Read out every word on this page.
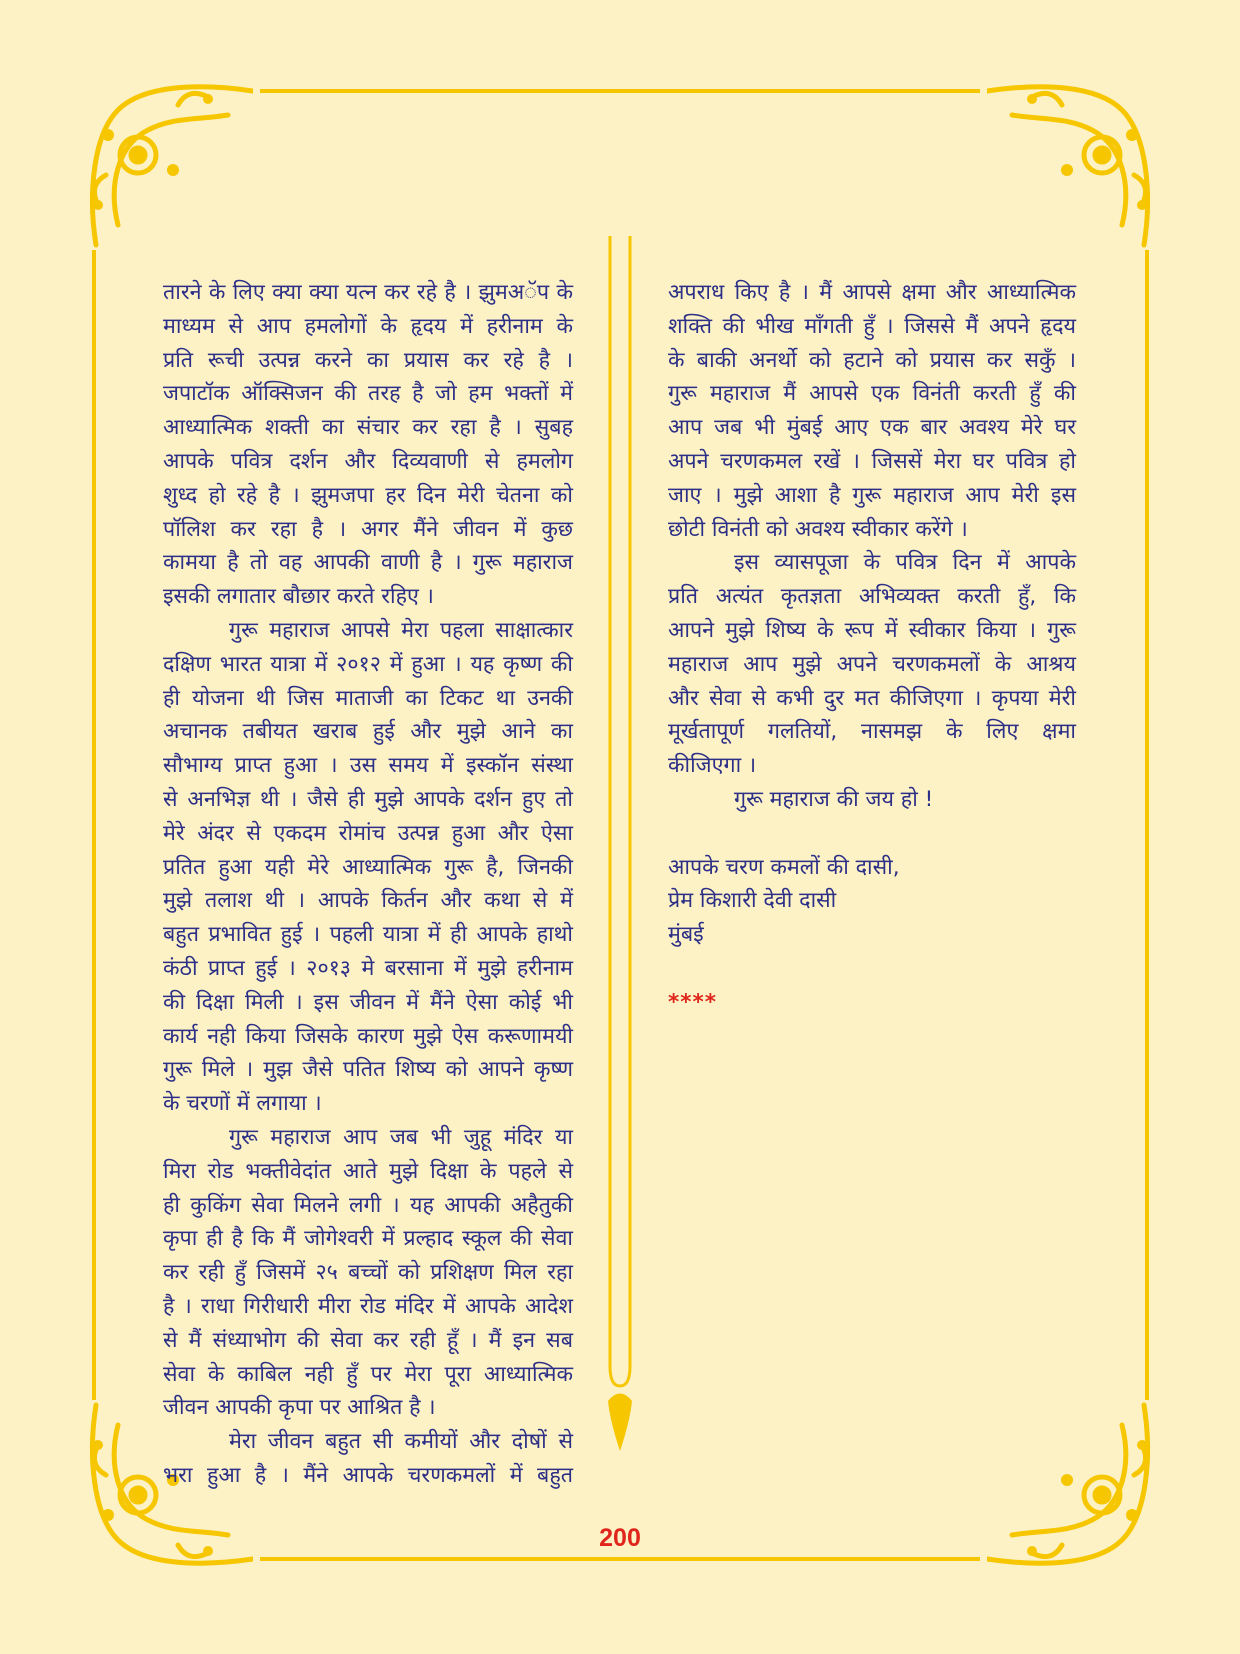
तारने के लिए क्या क्या यत्न कर रहे है । झुमअॅप के
माध्यम से आप हमलोगों के हृदय में हरीनाम के
प्रति रूची उत्पन्न करने का प्रयास कर रहे है ।
जपाटॉक ऑक्सिजन की तरह है जो हम भक्तों में
आध्यात्मिक शक्ती का संचार कर रहा है । सुबह
आपके पवित्र दर्शन और दिव्यवाणी से हमलोग
शुध्द हो रहे है । झुमजपा हर दिन मेरी चेतना को
पॉलिश कर रहा है । अगर मैंने जीवन में कुछ
कामया है तो वह आपकी वाणी है । गुरू महाराज
इसकी लगातार बौछार करते रहिए ।
गुरू महाराज आपसे मेरा पहला साक्षात्कार
दक्षिण भारत यात्रा में २०१२ में हुआ । यह कृष्ण की
ही योजना थी जिस माताजी का टिकट था उनकी
अचानक तबीयत खराब हुई और मुझे आने का
सौभाग्य प्राप्त हुआ । उस समय में इस्कॉन संस्था
से अनभिज्ञ थी । जैसे ही मुझे आपके दर्शन हुए तो
मेरे अंदर से एकदम रोमांच उत्पन्न हुआ और ऐसा
प्रतित हुआ यही मेरे आध्यात्मिक गुरू है, जिनकी
मुझे तलाश थी । आपके किर्तन और कथा से में
बहुत प्रभावित हुई । पहली यात्रा में ही आपके हाथो
कंठी प्राप्त हुई । २०१३ मे बरसाना में मुझे हरीनाम
की दिक्षा मिली । इस जीवन में मैंने ऐसा कोई भी
कार्य नही किया जिसके कारण मुझे ऐस करूणामयी
गुरू मिले । मुझ जैसे पतित शिष्य को आपने कृष्ण
के चरणों में लगाया ।
गुरू महाराज आप जब भी जुहू मंदिर या
मिरा रोड भक्तीवेदांत आते मुझे दिक्षा के पहले से
ही कुकिंग सेवा मिलने लगी । यह आपकी अहैतुकी
कृपा ही है कि मैं जोगेश्वरी में प्रल्हाद स्कूल की सेवा
कर रही हुँ जिसमें २५ बच्चों को प्रशिक्षण मिल रहा
है । राधा गिरीधारी मीरा रोड मंदिर में आपके आदेश
से मैं संध्याभोग की सेवा कर रही हूँ । मैं इन सब
सेवा के काबिल नही हुँ पर मेरा पूरा आध्यात्मिक
जीवन आपकी कृपा पर आश्रित है ।
मेरा जीवन बहुत सी कमीयों और दोषों से
भरा हुआ है । मैंने आपके चरणकमलों में बहुत
अपराध किए है । मैं आपसे क्षमा और आध्यात्मिक
शक्ति की भीख माँगती हुँ । जिससे मैं अपने हृदय
के बाकी अनर्थो को हटाने को प्रयास कर सकुँ ।
गुरू महाराज मैं आपसे एक विनंती करती हुँ की
आप जब भी मुंबई आए एक बार अवश्य मेरे घर
अपने चरणकमल रखें । जिससें मेरा घर पवित्र हो
जाए । मुझे आशा है गुरू महाराज आप मेरी इस
छोटी विनंती को अवश्य स्वीकार करेंगे ।
इस व्यासपूजा के पवित्र दिन में आपके
प्रति अत्यंत कृतज्ञता अभिव्यक्त करती हुँ, कि
आपने मुझे शिष्य के रूप में स्वीकार किया । गुरू
महाराज आप मुझे अपने चरणकमलों के आश्रय
और सेवा से कभी दुर मत कीजिएगा । कृपया मेरी
मूर्खतापूर्ण गलतियों, नासमझ के लिए क्षमा
कीजिएगा ।
गुरू महाराज की जय हो !
आपके चरण कमलों की दासी,
प्रेम किशारी देवी दासी
मुंबई
****
200
